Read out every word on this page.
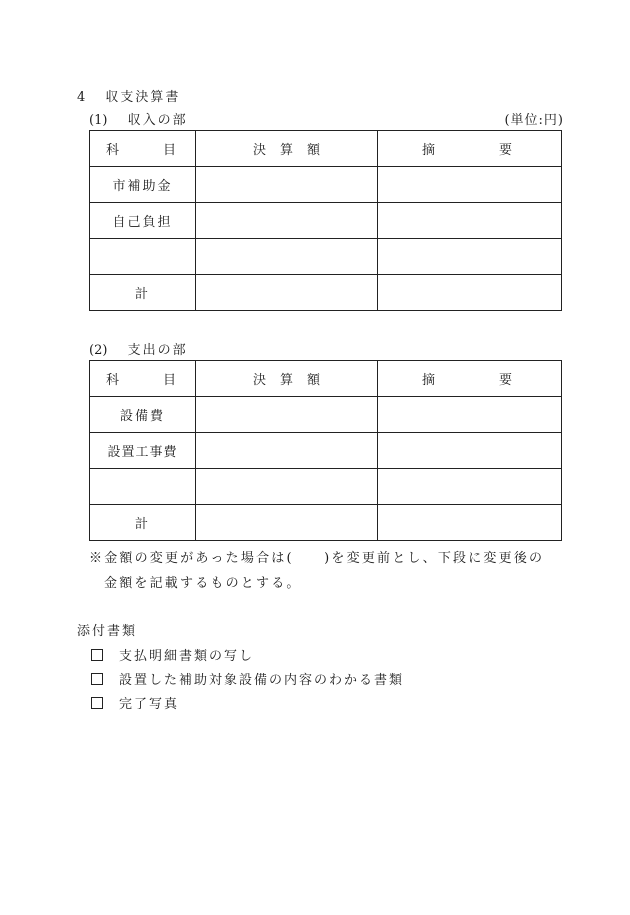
4 収支決算書
(1) 収入の部	(単位:円)
科 目	決算額	摘 要

市補助金		
自己負担		

計		
(2) 支出の部
科 目	決算額	摘 要

設備費		
設置工事費		

計		
※金額の変更があった場合は(　　)を変更前とし、下段に変更後の
金額を記載するものとする。
添付書類
支払明細書類の写し
設置した補助対象設備の内容のわかる書類
完了写真
